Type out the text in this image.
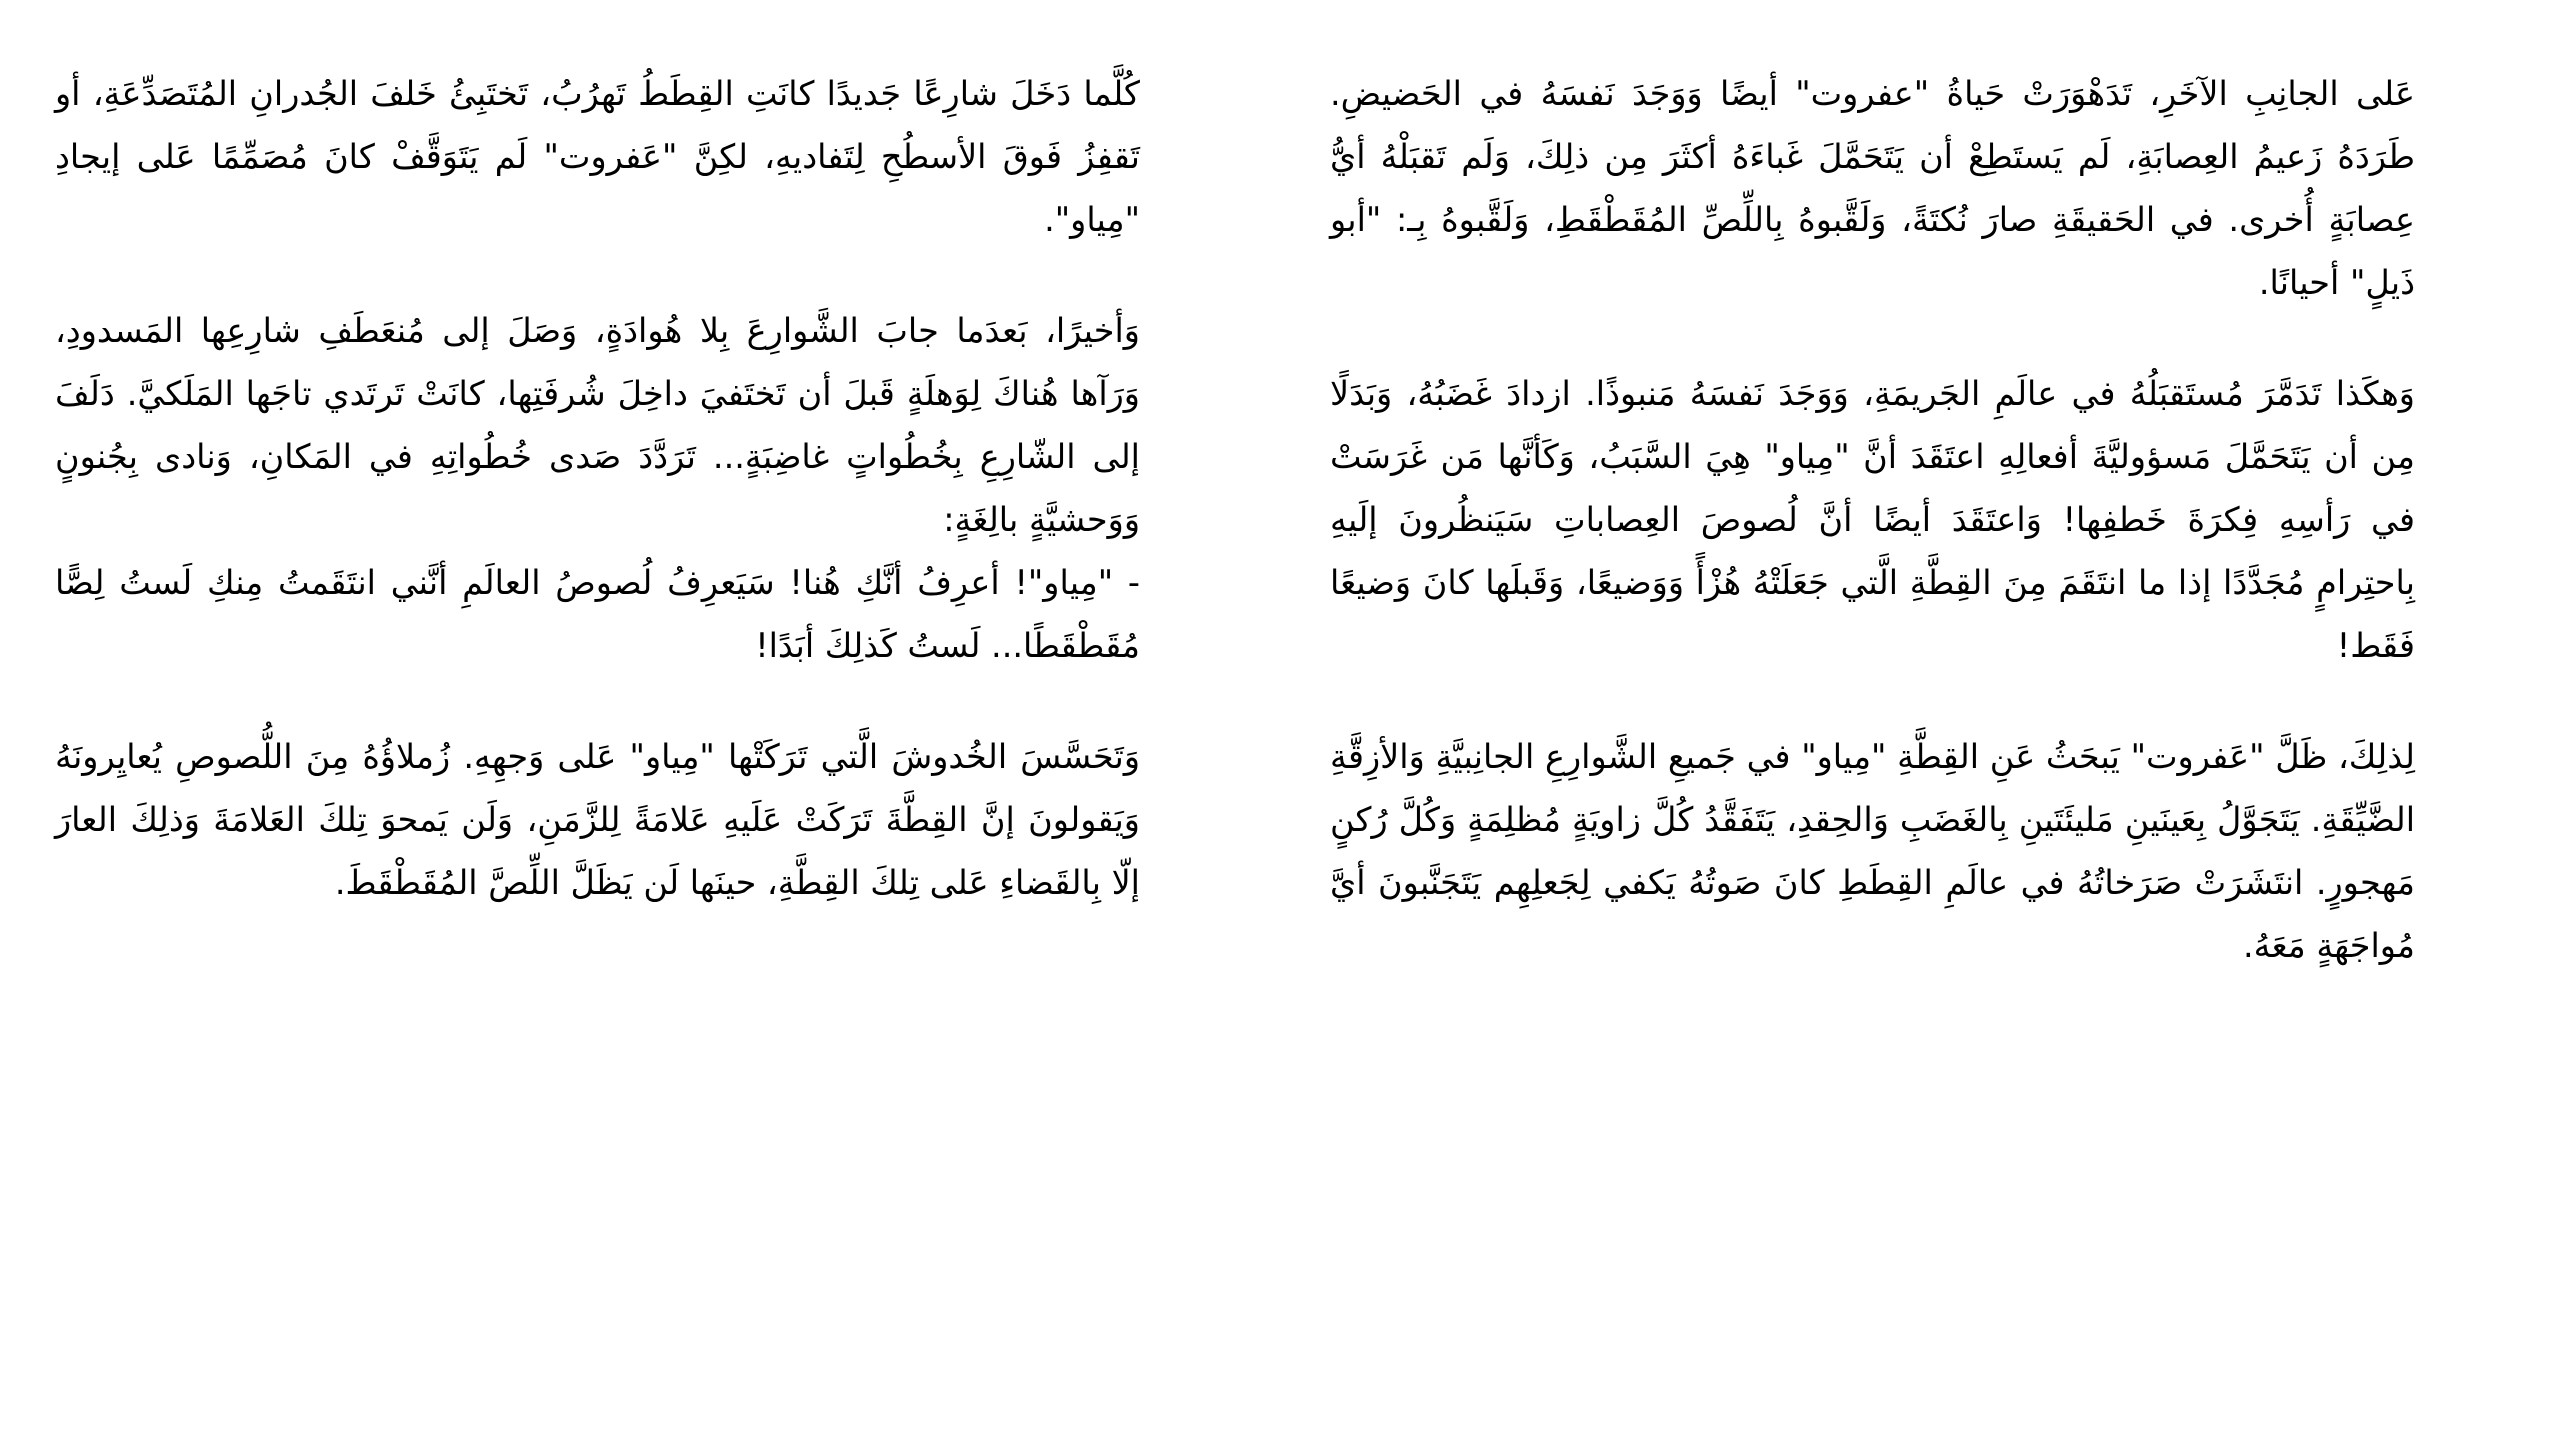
عَلى الجانِبِ الآخَرِ، تَدَهْوَرَتْ حَياةُ "عفروت" أيضًا وَوَجَدَ نَفسَهُ في الحَضيضِ. طَرَدَهُ زَعيمُ العِصابَةِ، لَم يَستَطِعْ أن يَتَحَمَّلَ غَباءَهُ أكثَرَ مِن ذلِكَ، وَلَم تَقبَلْهُ أيُّ عِصابَةٍ أُخرى. في الحَقيقَةِ صارَ نُكتَةً، وَلَقَّبوهُ بِاللِّصِّ المُقَطْقَطِ، وَلَقَّبوهُ بِـ: "أبو ذَيلٍ" أحيانًا.

وَهكَذا تَدَمَّرَ مُستَقبَلُهُ في عالَمِ الجَريمَةِ، وَوَجَدَ نَفسَهُ مَنبوذًا. ازدادَ غَضَبُهُ، وَبَدَلًا مِن أن يَتَحَمَّلَ مَسؤوليَّةَ أفعالِهِ اعتَقَدَ أنَّ "مِياو" هِيَ السَّبَبُ، وَكَأنَّها مَن غَرَسَتْ في رَأسِهِ فِكرَةَ خَطفِها! وَاعتَقَدَ أيضًا أنَّ لُصوصَ العِصاباتِ سَيَنظُرونَ إلَيهِ بِاحتِرامٍ مُجَدَّدًا إذا ما انتَقَمَ مِنَ القِطَّةِ الَّتي جَعَلَتْهُ هُزْأً وَوَضيعًا، وَقَبلَها كانَ وَضيعًا فَقَط!

لِذلِكَ، ظَلَّ "عَفروت" يَبحَثُ عَنِ القِطَّةِ "مِياو" في جَميعِ الشَّوارِعِ الجانِبيَّةِ وَالأزِقَّةِ الضَّيِّقَةِ. يَتَجَوَّلُ بِعَينَينِ مَليئَتَينِ بِالغَضَبِ وَالحِقدِ، يَتَفَقَّدُ كُلَّ زاويَةٍ مُظلِمَةٍ وَكُلَّ رُكنٍ مَهجورٍ. انتَشَرَتْ صَرَخاتُهُ في عالَمِ القِطَطِ كانَ صَوتُهُ يَكفي لِجَعلِهِم يَتَجَنَّبونَ أيَّ مُواجَهَةٍ مَعَهُ.

كُلَّما دَخَلَ شارِعًا جَديدًا كانَتِ القِطَطُ تَهرُبُ، تَختَبِئُ خَلفَ الجُدرانِ المُتَصَدِّعَةِ، أو تَقفِزُ فَوقَ الأسطُحِ لِتَفاديهِ، لكِنَّ "عَفروت" لَم يَتَوَقَّفْ كانَ مُصَمِّمًا عَلى إيجادِ "مِياو".

وَأخيرًا، بَعدَما جابَ الشَّوارِعَ بِلا هُوادَةٍ، وَصَلَ إلى مُنعَطَفِ شارِعِها المَسدودِ، وَرَآها هُناكَ لِوَهلَةٍ قَبلَ أن تَختَفيَ داخِلَ شُرفَتِها، كانَتْ تَرتَدي تاجَها المَلَكيَّ. دَلَفَ إلى الشّارِعِ بِخُطُواتٍ غاضِبَةٍ... تَرَدَّدَ صَدى خُطُواتِهِ في المَكانِ، وَنادى بِجُنونٍ وَوَحشيَّةٍ بالِغَةٍ:

- "مِياو"! أعرِفُ أنَّكِ هُنا! سَيَعرِفُ لُصوصُ العالَمِ أنَّني انتَقَمتُ مِنكِ لَستُ لِصًّا مُقَطْقَطًا... لَستُ كَذلِكَ أبَدًا!

وَتَحَسَّسَ الخُدوشَ الَّتي تَرَكَتْها "مِياو" عَلى وَجهِهِ. زُملاؤُهُ مِنَ اللُّصوصِ يُعايِرونَهُ وَيَقولونَ إنَّ القِطَّةَ تَرَكَتْ عَلَيهِ عَلامَةً لِلزَّمَنِ، وَلَن يَمحوَ تِلكَ العَلامَةَ وَذلِكَ العارَ إلّا بِالقَضاءِ عَلى تِلكَ القِطَّةِ، حينَها لَن يَظَلَّ اللِّصَّ المُقَطْقَطَ.
